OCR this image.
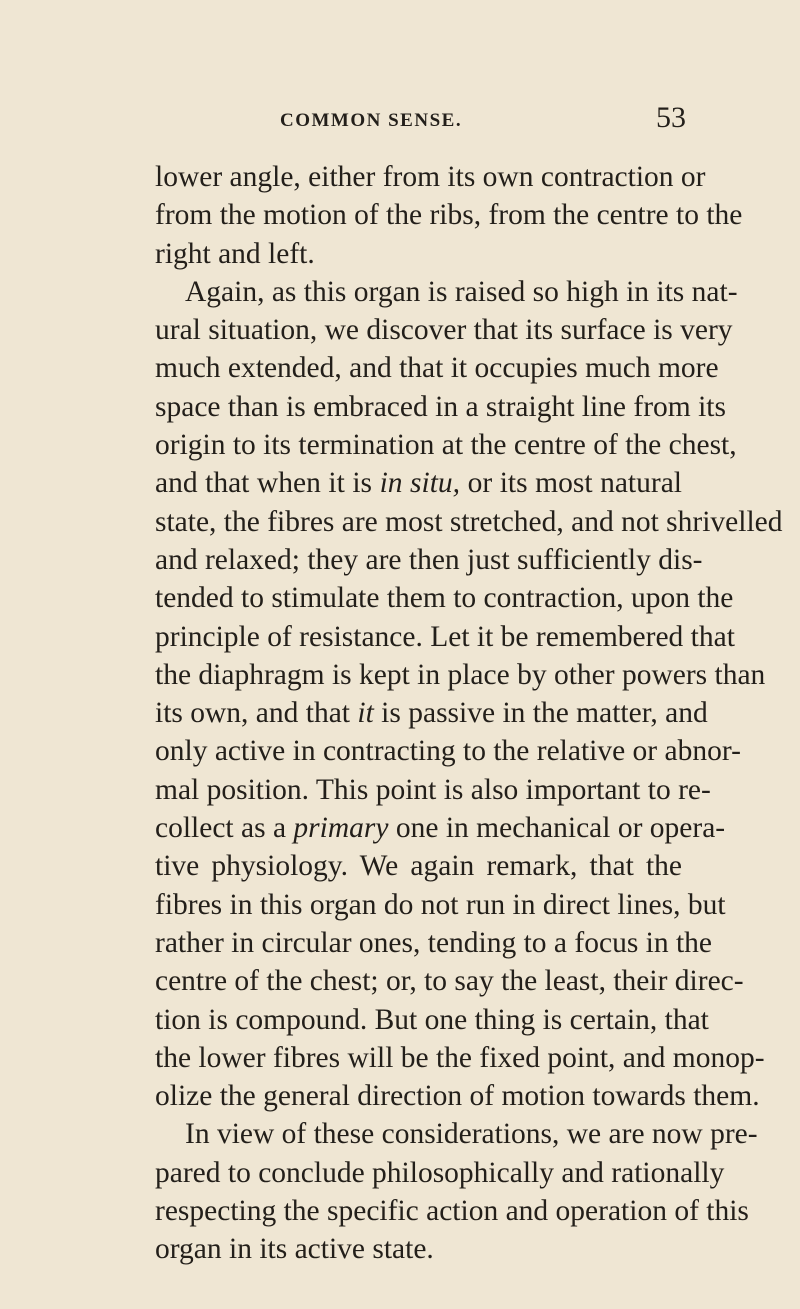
COMMON SENSE.	53
lower angle, either from its own contraction or
from the motion of the ribs, from the centre to the
right and left.
Again, as this organ is raised so high in its nat-
ural situation, we discover that its surface is very
much extended, and that it occupies much more
space than is embraced in a straight line from its
origin to its termination at the centre of the chest,
and that when it is in situ, or its most natural
state, the fibres are most stretched, and not shrivelled
and relaxed; they are then just sufficiently dis-
tended to stimulate them to contraction, upon the
principle of resistance. Let it be remembered that
the diaphragm is kept in place by other powers than
its own, and that it is passive in the matter, and
only active in contracting to the relative or abnor-
mal position. This point is also important to re-
collect as a primary one in mechanical or opera-
tive physiology. We again remark, that the
fibres in this organ do not run in direct lines, but
rather in circular ones, tending to a focus in the
centre of the chest; or, to say the least, their direc-
tion is compound. But one thing is certain, that
the lower fibres will be the fixed point, and monop-
olize the general direction of motion towards them.
In view of these considerations, we are now pre-
pared to conclude philosophically and rationally
respecting the specific action and operation of this
organ in its active state.
